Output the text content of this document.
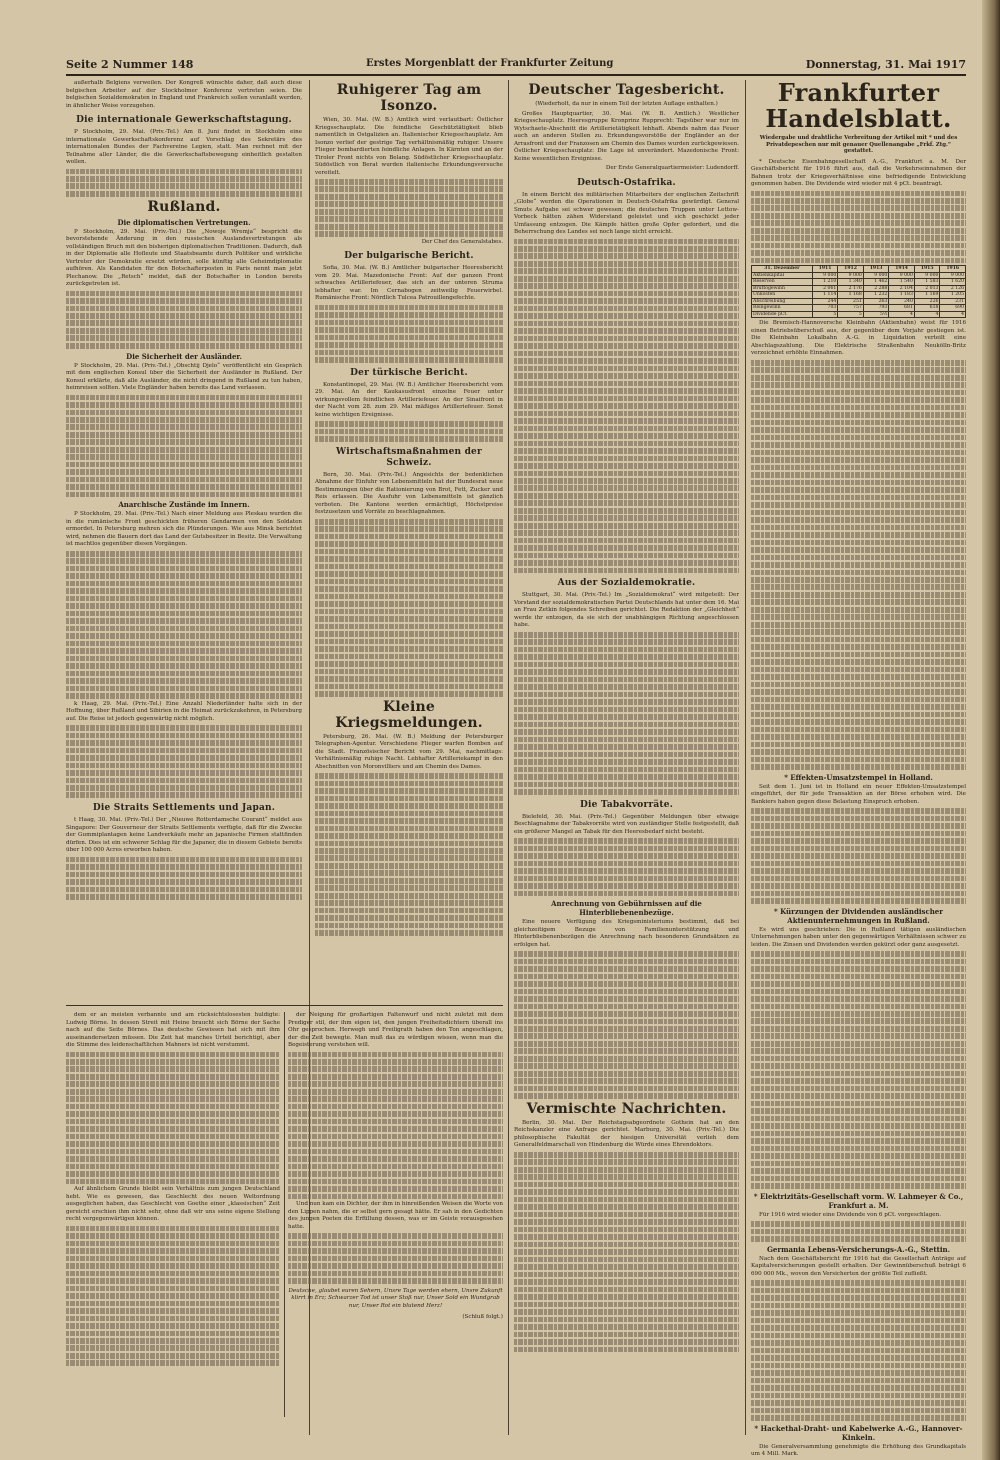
Seite 2 Nummer 148	Erstes Morgenblatt der Frankfurter Zeitung	Donnerstag, 31. Mai 1917

außerhalb Belgiens verweilen. Der Kongreß wünschte daher, daß auch diese belgischen Arbeiter auf der Stockholmer Konferenz vertreten seien. Die belgischen Sozialdemokraten in England und Frankreich sollen veranlaßt werden, in ähnlicher Weise vorzugehen.

Die internationale Gewerkschaftstagung.

P Stockholm, 29. Mai. (Priv.-Tel.) Am 8. Juni findet in Stockholm eine internationale Gewerkschaftskonferenz auf Vorschlag des Sekretärs des internationalen Bundes der Fachvereine Legien, statt. Man rechnet mit der Teilnahme aller Länder, die die Gewerkschaftsbewegung einheitlich gestalten wollen.

Rußland.
Die diplomatischen Vertretungen.

P Stockholm, 29. Mai. (Priv.-Tel.) Die „Nowoje Wremja“ bespricht die bevorstehende Änderung in den russischen Auslandsvertretungen als vollständigen Bruch mit den bisherigen diplomatischen Traditionen. Dadurch, daß in der Diplomatie alle Hofleute und Staatsbeamte durch Politiker und wirkliche Vertreter der Demokratie ersetzt würden, solle künftig alle Geheimdiplomatie aufhören. Als Kandidaten für den Botschafterposten in Paris nennt man jetzt Plechanow. Die „Retsch“ meldet, daß der Botschafter in London bereits zurückgetreten ist.

Die Sicherheit der Ausländer.

P Stockholm, 29. Mai. (Priv.-Tel.) „Obschtij Djelo“ veröffentlicht ein Gespräch mit dem englischen Konsul über die Sicherheit der Ausländer in Rußland. Der Konsul erklärte, daß alle Ausländer, die nicht dringend in Rußland zu tun haben, heimreisen sollten. Viele Engländer haben bereits das Land verlassen.

Anarchische Zustände im Innern.

P Stockholm, 29. Mai. (Priv.-Tel.) Nach einer Meldung aus Pleskau wurden die in die rumänische Front geschickten früheren Gendarmen von den Soldaten ermordet. In Petersburg mehren sich die Plünderungen. Wie aus Minsk berichtet wird, nehmen die Bauern dort das Land der Gutsbesitzer in Besitz. Die Verwaltung ist machtlos gegenüber diesen Vorgängen.

k Haag, 29. Mai. (Priv.-Tel.) Eine Anzahl Niederländer halte sich in der Hoffnung, über Rußland und Sibirien in die Heimat zurückzukehren, in Petersburg auf. Die Reise ist jedoch gegenwärtig nicht möglich.

Die Straits Settlements und Japan.

t Haag, 30. Mai. (Priv.-Tel.) Der „Nieuwe Rotterdamsche Courant“ meldet aus Singapore: Der Gouverneur der Straits Settlements verfügte, daß für die Zwecke der Gummiplantagen keine Landverkäufe mehr an japanische Firmen stattfinden dürfen. Dies ist ein schwerer Schlag für die Japaner, die in diesem Gebiete bereits über 100 000 Acres erworben haben.

Ruhigerer Tag am Isonzo.

Wien, 30. Mai. (W. B.) Amtlich wird verlautbart: Östlicher Kriegsschauplatz. Die feindliche Geschütztätigkeit blieb namentlich in Ostgalizien an. Italienischer Kriegsschauplatz. Am Isonzo verlief der gestrige Tag verhältnismäßig ruhiger. Unsere Flieger bombardierten feindliche Anlagen. In Kärnten und an der Tiroler Front nichts von Belang. Südöstlicher Kriegsschauplatz. Südöstlich von Berat wurden italienische Erkundungsversuche vereitelt.

Der Chef des Generalstabes.

Der bulgarische Bericht.

Sofia, 30. Mai. (W. B.) Amtlicher bulgarischer Heeresbericht vom 29. Mai. Mazedonische Front: Auf der ganzen Front schwaches Artilleriefeuer, das sich an der unteren Struma lebhafter war. Im Cernabogen zeitweilig Feuerwirbel. Rumänische Front: Nördlich Tulcea Patrouillengefechte.

Der türkische Bericht.

Konstantinopel, 29. Mai. (W. B.) Amtlicher Heeresbericht vom 29. Mai. An der Kaukasusfront einzelne Feuer unter wirkungsvollem feindlichen Artilleriefeuer. An der Sinaifront in der Nacht vom 28. zum 29. Mai mäßiges Artilleriefeuer. Sonst keine wichtigen Ereignisse.

Wirtschaftsmaßnahmen der Schweiz.

Bern, 30. Mai. (Priv.-Tel.) Angesichts der bedenklichen Abnahme der Einfuhr von Lebensmitteln hat der Bundesrat neue Bestimmungen über die Rationierung von Brot, Fett, Zucker und Reis erlassen. Die Ausfuhr von Lebensmitteln ist gänzlich verboten. Die Kantone werden ermächtigt, Höchstpreise festzusetzen und Vorräte zu beschlagnahmen.

Kleine Kriegsmeldungen.

Petersburg, 26. Mai. (W. B.) Meldung der Petersburger Telegraphen-Agentur. Verschiedene Flieger warfen Bomben auf die Stadt. Französischer Bericht vom 29. Mai, nachmittags: Verhältnismäßig ruhige Nacht. Lebhafter Artilleriekampf in den Abschnitten von Moronvilliers und am Chemin des Dames.

Deutscher Tagesbericht.

(Wiederholt, da nur in einem Teil der letzten Auflage enthalten.)

Großes Hauptquartier, 30. Mai. (W. B. Amtlich.) Westlicher Kriegsschauplatz. Heeresgruppe Kronprinz Rupprecht: Tagsüber war nur im Wytschaete-Abschnitt die Artillerietätigkeit lebhaft. Abends nahm das Feuer auch an anderen Stellen zu. Erkundungsvorstöße der Engländer an der Arrasfront und der Franzosen am Chemin des Dames wurden zurückgewiesen. Östlicher Kriegsschauplatz: Die Lage ist unverändert. Mazedonische Front: Keine wesentlichen Ereignisse.

Der Erste Generalquartiermeister: Ludendorff.

Deutsch-Ostafrika.

In einem Bericht des militärischen Mitarbeiters der englischen Zeitschrift „Globe“ werden die Operationen in Deutsch-Ostafrika gewürdigt. General Smuts Aufgabe sei schwer gewesen; die deutschen Truppen unter Lettow-Vorbeck hätten zähen Widerstand geleistet und sich geschickt jeder Umfassung entzogen. Die Kämpfe hätten große Opfer gefordert, und die Beherrschung des Landes sei noch lange nicht erreicht.

Aus der Sozialdemokratie.

Stuttgart, 30. Mai. (Priv.-Tel.) Im „Sozialdemokrat“ wird mitgeteilt: Der Vorstand der sozialdemokratischen Partei Deutschlands hat unter dem 16. Mai an Frau Zetkin folgendes Schreiben gerichtet. Die Redaktion der „Gleichheit“ werde ihr entzogen, da sie sich der unabhängigen Richtung angeschlossen habe.

Die Tabakvorräte.

Bielefeld, 30. Mai. (Priv.-Tel.) Gegenüber Meldungen über etwaige Beschlagnahme der Tabakvorräte wird von zuständiger Stelle festgestellt, daß ein größerer Mangel an Tabak für den Heeresbedarf nicht besteht.

Anrechnung von Gebührnissen auf die Hinterbliebenenbezüge.

Eine neuere Verfügung des Kriegsministeriums bestimmt, daß bei gleichzeitigem Bezuge von Familienunterstützung und Hinterbliebenenbezügen die Anrechnung nach besonderen Grundsätzen zu erfolgen hat.

Vermischte Nachrichten.

Berlin, 30. Mai. Der Reichstagsabgeordnete Gothein hat an den Reichskanzler eine Anfrage gerichtet. Marburg, 30. Mai. (Priv.-Tel.) Die philosophische Fakultät der hiesigen Universität verlieh dem Generalfeldmarschall von Hindenburg die Würde eines Ehrendoktors.

Frankfurter Handelsblatt.
Wiedergabe und drahtliche Verbreitung der Artikel mit * und des Privatdepeschen nur mit genauer Quellenangabe „Frkf. Ztg.“ gestattet.

* Deutsche Eisenbahngesellschaft A.-G., Frankfurt a. M. Der Geschäftsbericht für 1916 führt aus, daß die Verkehrseinnahmen der Bahnen trotz der Kriegsverhältnisse eine befriedigende Entwicklung genommen haben. Die Dividende wird wieder mit 4 pCt. beantragt.

31. Dezember	1911	1912	1913	1914	1915	1916
Aktienkapital	9 000	9 000	9 000	9 000	9 000	9 000
Reserven	1 210	1 340	1 462	1 540	1 583	1 620
Bruttogewinn	2 061	2 176	2 288	2 104	2 013	2 126
Unkosten	1 114	1 168	1 232	1 183	1 169	1 205
Abschreibung	244	251	263	240	226	231
Reingewinn	703	757	793	681	618	690
Dividende pCt.	5	5	5½	4	4	4

Die Bremisch-Hannoversche Kleinbahn (Aktienbahn) weist für 1916 einen Betriebsüberschuß aus, der gegenüber dem Vorjahr gestiegen ist. Die Kleinbahn Lokalbahn A.-G. in Liquidation verteilt eine Abschlagszahlung. Die Elektrische Straßenbahn Neukölln-Britz verzeichnet erhöhte Einnahmen.

* Effekten-Umsatzstempel in Holland.

Seit dem 1. Juni ist in Holland ein neuer Effekten-Umsatzstempel eingeführt, der für jede Transaktion an der Börse erhoben wird. Die Bankiers haben gegen diese Belastung Einspruch erhoben.

* Kürzungen der Dividenden ausländischer Aktienunternehmungen in Rußland.

Es wird uns geschrieben: Die in Rußland tätigen ausländischen Unternehmungen haben unter den gegenwärtigen Verhältnissen schwer zu leiden. Die Zinsen und Dividenden werden gekürzt oder ganz ausgesetzt.

* Elektrizitäts-Gesellschaft vorm. W. Lahmeyer & Co., Frankfurt a. M.

Für 1916 wird wieder eine Dividende von 6 pCt. vorgeschlagen.

Germania Lebens-Versicherungs-A.-G., Stettin.

Nach dem Geschäftsbericht für 1916 hat die Gesellschaft Anträge auf Kapitalversicherungen gestellt erhalten. Der Gewinnüberschuß beträgt 6 690 000 Mk., wovon den Versicherten der größte Teil zufließt.

* Hackethal-Draht- und Kabelwerke A.-G., Hannover-Kinkeln.

Die Generalversammlung genehmigte die Erhöhung des Grundkapitals um 4 Mill. Mark.

dem er an meisten verbannte und am rücksichtslosesten huldigte: Ludwig Börne. In dessen Streit mit Heine braucht sich Börne der Sache nach auf die Seite Börnes. Das deutsche Gewissen hat sich mit ihm auseinandersetzen müssen. Die Zeit hat manches Urteil berichtigt, aber die Stimme des leidenschaftlichen Mahners ist nicht verstummt.

Auf ähnlichem Grunde bleibt sein Verhältnis zum jungen Deutschland hebt. Wie es gewesen, das Geschlecht des neuen Weltordnung ausgeglichen haben, das Geschlecht von Goethe einer „klassischen“ Zeit gereicht erschien ihm nicht sehr, ohne daß wir uns seine eigene Stellung recht vergegenwärtigen können.

der Neigung für großartigen Faltenwurf und nicht zuletzt mit dem Prediger stil, der ihm eigen ist, den jungen Freiheitsdichtern überall ins Ohr gesprochen. Herwegh und Freiligrath haben den Ton angeschlagen, der die Zeit bewegte. Man muß das zu würdigen wissen, wenn man die Begeisterung verstehen will.

Und nun kam ein Dichter, der ihm in hinreißenden Weisen die Worte von den Lippen nahm, die er selbst gern gesagt hätte. Er sah in den Gedichten des jungen Poeten die Erfüllung dessen, was er im Geiste vorausgesehen hatte.

Deutsche, glaubet euren Sehern, Unsre Tage werden ehern, Unsre Zukunft klirrt in Erz; Schwarzer Tod ist unser Stoß nur, Unser Sold ein Wundgrab nur, Unser Rot ein blutend Herz!

(Schluß folgt.)
